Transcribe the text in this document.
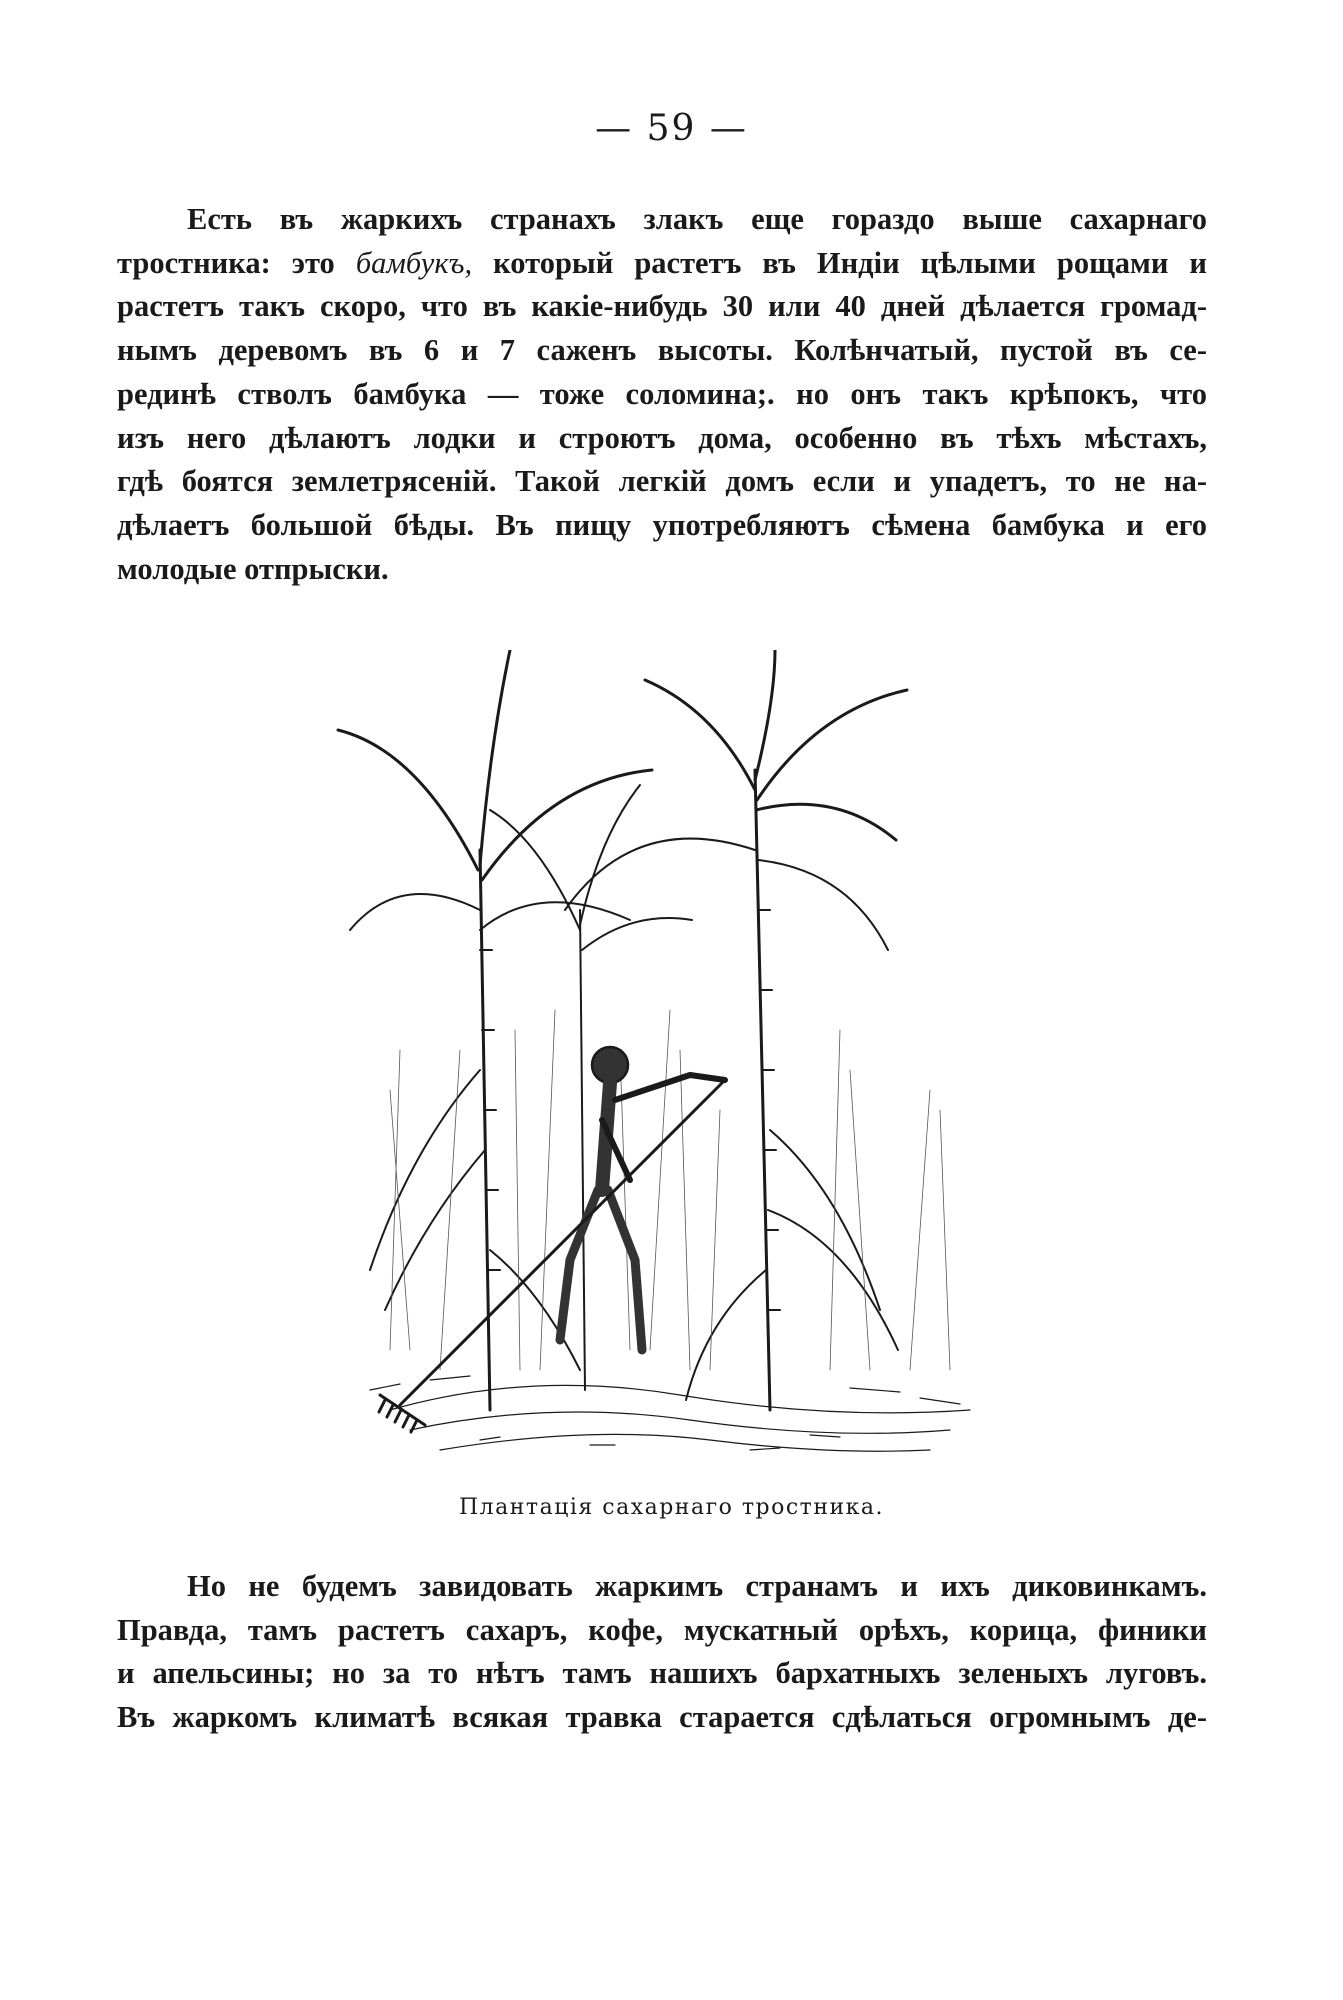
— 59 —
Есть въ жаркихъ странахъ злакъ еще гораздо выше сахарнаго
тростника: это бамбукъ, который растетъ въ Индіи цѣлыми рощами и
растетъ такъ скоро, что въ какіе-нибудь 30 или 40 дней дѣлается громад-
нымъ деревомъ въ 6 и 7 саженъ высоты. Колѣнчатый, пустой въ се-
рединѣ стволъ бамбука — тоже соломина;. но онъ такъ крѣпокъ, что
изъ него дѣлаютъ лодки и строютъ дома, особенно въ тѣхъ мѣстахъ,
гдѣ боятся землетрясеній. Такой легкій домъ если и упадетъ, то не на-
дѣлаетъ большой бѣды. Въ пищу употребляютъ сѣмена бамбука и его
молодые отпрыски.
Плантація сахарнаго тростника.
Но не будемъ завидовать жаркимъ странамъ и ихъ диковинкамъ.
Правда, тамъ растетъ сахаръ, кофе, мускатный орѣхъ, корица, финики
и апельсины; но за то нѣтъ тамъ нашихъ бархатныхъ зеленыхъ луговъ.
Въ жаркомъ климатѣ всякая травка старается сдѣлаться огромнымъ де-
